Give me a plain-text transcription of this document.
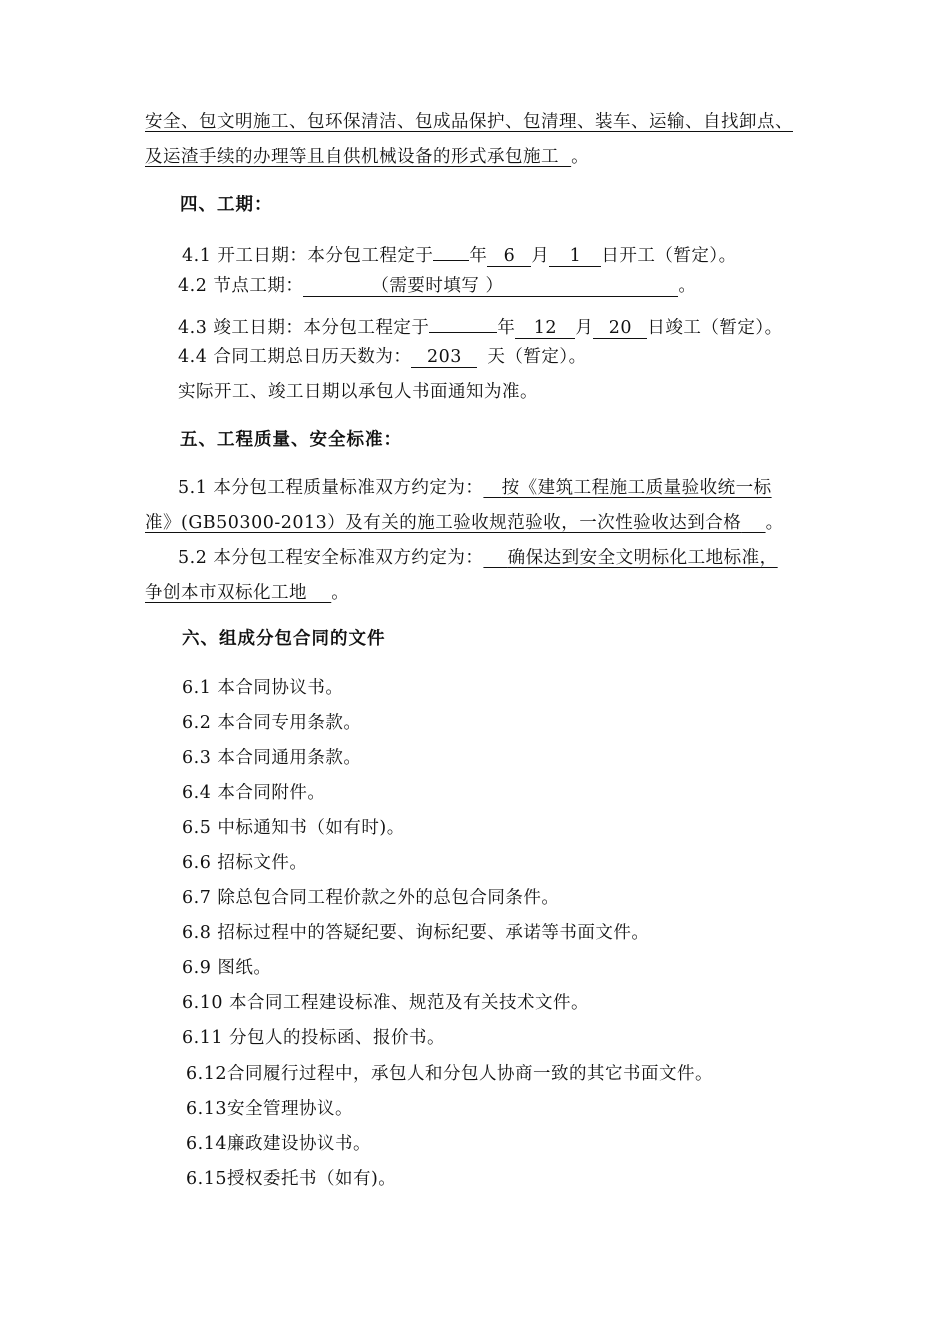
安全、包文明施工、包环保清洁、包成品保护、包清理、装车、运输、自找卸点、
及运渣手续的办理等且自供机械设备的形式承包施工 。
四、工期：
4.1 开工日期：本分包工程定于 年 6 月 1 日开工（暂定）。
4.2 节点工期：	（需要时填写 ）	。
4.3 竣工日期：本分包工程定于	年 12 月 20 日竣工（暂定）。
4.4 合同工期总日历天数为： 203 天（暂定）。
实际开工、竣工日期以承包人书面通知为准。
五、工程质量、安全标准：
5.1 本分包工程质量标准双方约定为： 按《建筑工程施工质量验收统一标
准》(GB50300-2013）及有关的施工验收规范验收，一次性验收达到合格 。
5.2 本分包工程安全标准双方约定为： 确保达到安全文明标化工地标准，
争创本市双标化工地 。
六、组成分包合同的文件
6.1 本合同协议书。
6.2 本合同专用条款。
6.3 本合同通用条款。
6.4 本合同附件。
6.5 中标通知书（如有时)。
6.6 招标文件。
6.7 除总包合同工程价款之外的总包合同条件。
6.8 招标过程中的答疑纪要、询标纪要、承诺等书面文件。
6.9 图纸。
6.10 本合同工程建设标准、规范及有关技术文件。
6.11 分包人的投标函、报价书。
6.12合同履行过程中，承包人和分包人协商一致的其它书面文件。
6.13安全管理协议。
6.14廉政建设协议书。
6.15授权委托书（如有)。
